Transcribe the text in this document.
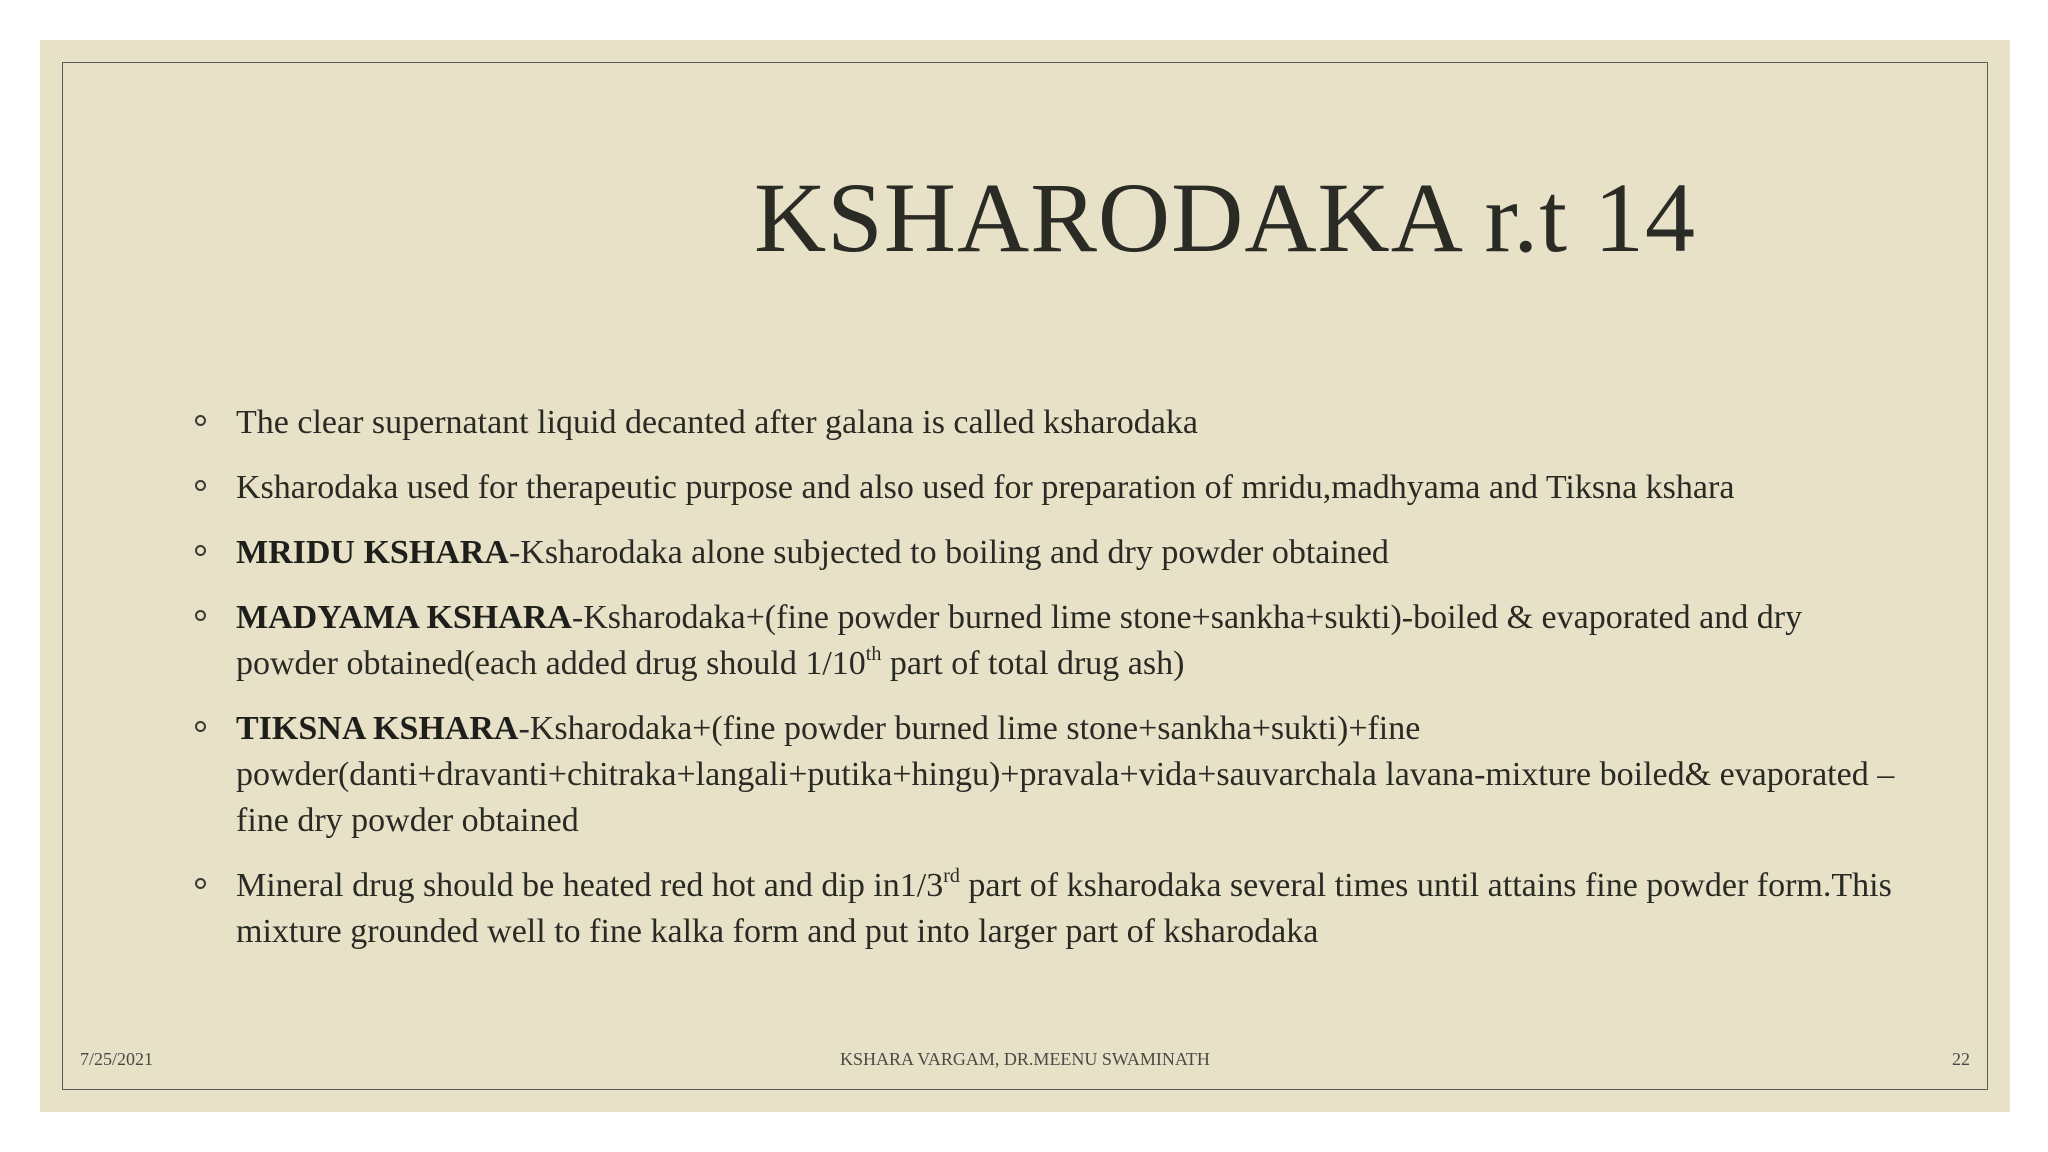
KSHARODAKA r.t 14
The clear supernatant liquid decanted after galana is called ksharodaka
Ksharodaka used for therapeutic purpose and also used for preparation of mridu,madhyama and Tiksna kshara
MRIDU KSHARA-Ksharodaka alone subjected to boiling and dry powder obtained
MADYAMA KSHARA-Ksharodaka+(fine powder burned lime stone+sankha+sukti)-boiled & evaporated and dry powder obtained(each added drug should 1/10th part of total drug ash)
TIKSNA KSHARA-Ksharodaka+(fine powder burned lime stone+sankha+sukti)+fine powder(danti+dravanti+chitraka+langali+putika+hingu)+pravala+vida+sauvarchala lavana-mixture boiled& evaporated –fine dry powder obtained
Mineral drug should be heated red hot and dip in1/3rd part of ksharodaka several times until attains fine powder form.This mixture grounded well to fine kalka form and put into larger part of ksharodaka
7/25/2021	KSHARA VARGAM, DR.MEENU SWAMINATH	22
